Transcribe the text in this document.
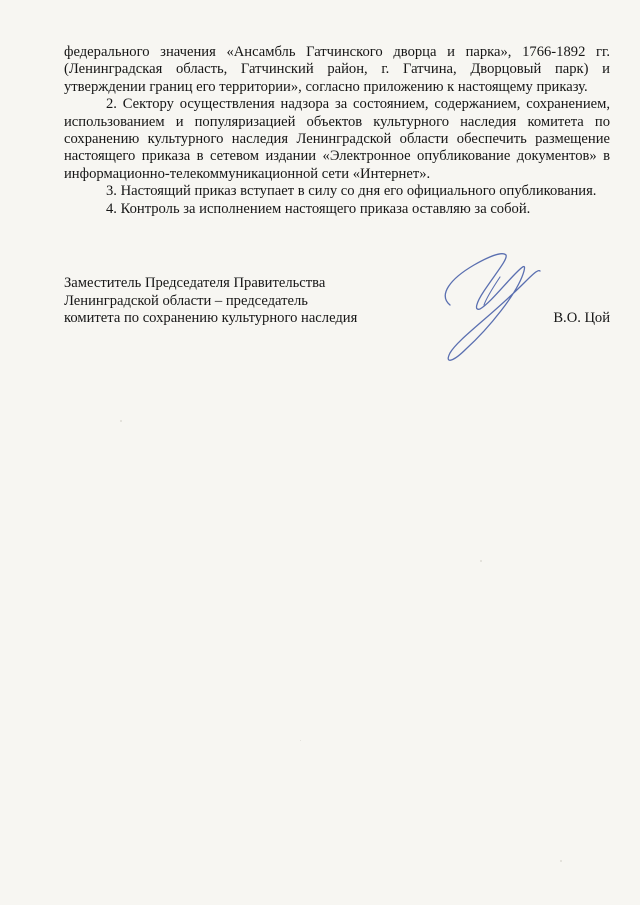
федерального значения «Ансамбль Гатчинского дворца и парка», 1766-1892 гг. (Ленинградская область, Гатчинский район, г. Гатчина, Дворцовый парк) и утверждении границ его территории», согласно приложению к настоящему приказу.

2. Сектору осуществления надзора за состоянием, содержанием, сохранением, использованием и популяризацией объектов культурного наследия комитета по сохранению культурного наследия Ленинградской области обеспечить размещение настоящего приказа в сетевом издании «Электронное опубликование документов» в информационно-телекоммуникационной сети «Интернет».

3. Настоящий приказ вступает в силу со дня его официального опубликования.

4. Контроль за исполнением настоящего приказа оставляю за собой.

Заместитель Председателя Правительства
Ленинградской области – председатель
комитета по сохранению культурного наследия	В.О. Цой
